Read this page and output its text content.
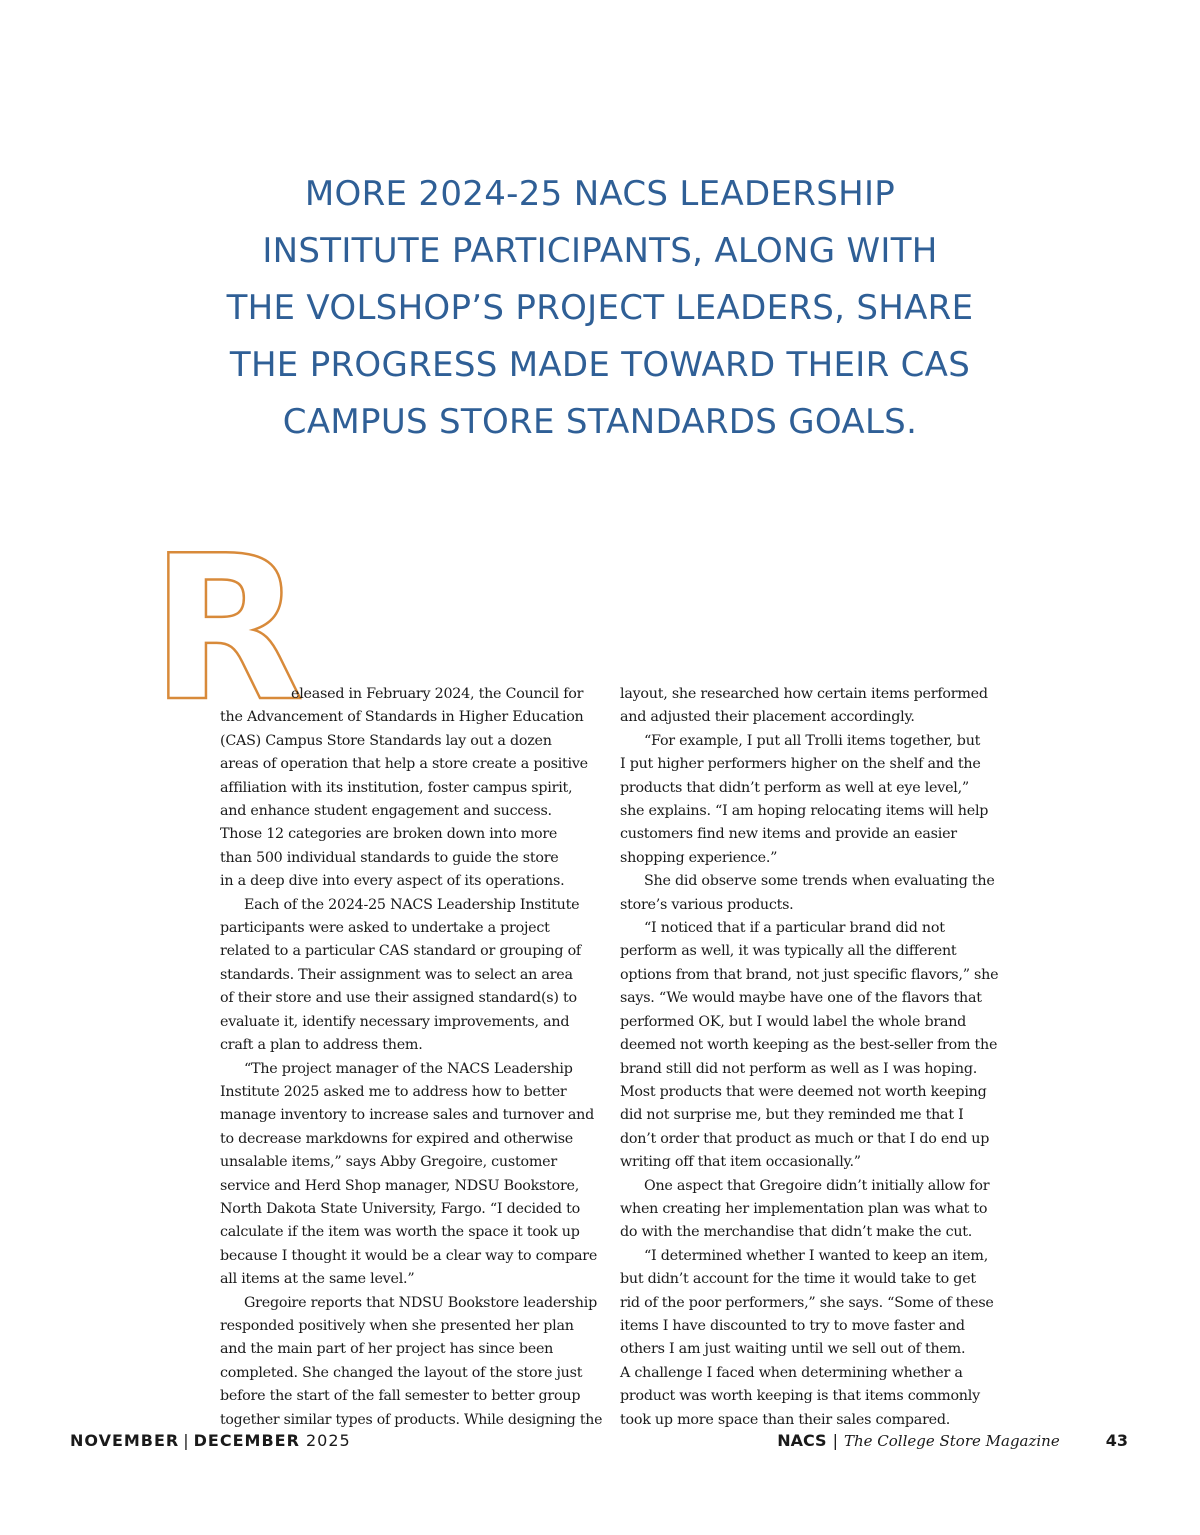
MORE 2024-25 NACS LEADERSHIP
INSTITUTE PARTICIPANTS, ALONG WITH
THE VOLSHOP’S PROJECT LEADERS, SHARE
THE PROGRESS MADE TOWARD THEIR CAS
CAMPUS STORE STANDARDS GOALS.
R
eleased in February 2024, the Council for
the Advancement of Standards in Higher Education
(CAS) Campus Store Standards lay out a dozen
areas of operation that help a store create a positive
affiliation with its institution, foster campus spirit,
and enhance student engagement and success.
Those 12 categories are broken down into more
than 500 individual standards to guide the store
in a deep dive into every aspect of its operations.
Each of the 2024-25 NACS Leadership Institute
participants were asked to undertake a project
related to a particular CAS standard or grouping of
standards. Their assignment was to select an area
of their store and use their assigned standard(s) to
evaluate it, identify necessary improvements, and
craft a plan to address them.
“The project manager of the NACS Leadership
Institute 2025 asked me to address how to better
manage inventory to increase sales and turnover and
to decrease markdowns for expired and otherwise
unsalable items,” says Abby Gregoire, customer
service and Herd Shop manager, NDSU Bookstore,
North Dakota State University, Fargo. “I decided to
calculate if the item was worth the space it took up
because I thought it would be a clear way to compare
all items at the same level.”
Gregoire reports that NDSU Bookstore leadership
responded positively when she presented her plan
and the main part of her project has since been
completed. She changed the layout of the store just
before the start of the fall semester to better group
together similar types of products. While designing the
layout, she researched how certain items performed
and adjusted their placement accordingly.
“For example, I put all Trolli items together, but
I put higher performers higher on the shelf and the
products that didn’t perform as well at eye level,”
she explains. “I am hoping relocating items will help
customers find new items and provide an easier
shopping experience.”
She did observe some trends when evaluating the
store’s various products.
“I noticed that if a particular brand did not
perform as well, it was typically all the different
options from that brand, not just specific flavors,” she
says. “We would maybe have one of the flavors that
performed OK, but I would label the whole brand
deemed not worth keeping as the best-seller from the
brand still did not perform as well as I was hoping.
Most products that were deemed not worth keeping
did not surprise me, but they reminded me that I
don’t order that product as much or that I do end up
writing off that item occasionally.”
One aspect that Gregoire didn’t initially allow for
when creating her implementation plan was what to
do with the merchandise that didn’t make the cut.
“I determined whether I wanted to keep an item,
but didn’t account for the time it would take to get
rid of the poor performers,” she says. “Some of these
items I have discounted to try to move faster and
others I am just waiting until we sell out of them.
A challenge I faced when determining whether a
product was worth keeping is that items commonly
took up more space than their sales compared.
NOVEMBER | DECEMBER 2025	NACS | The College Store Magazine	43
